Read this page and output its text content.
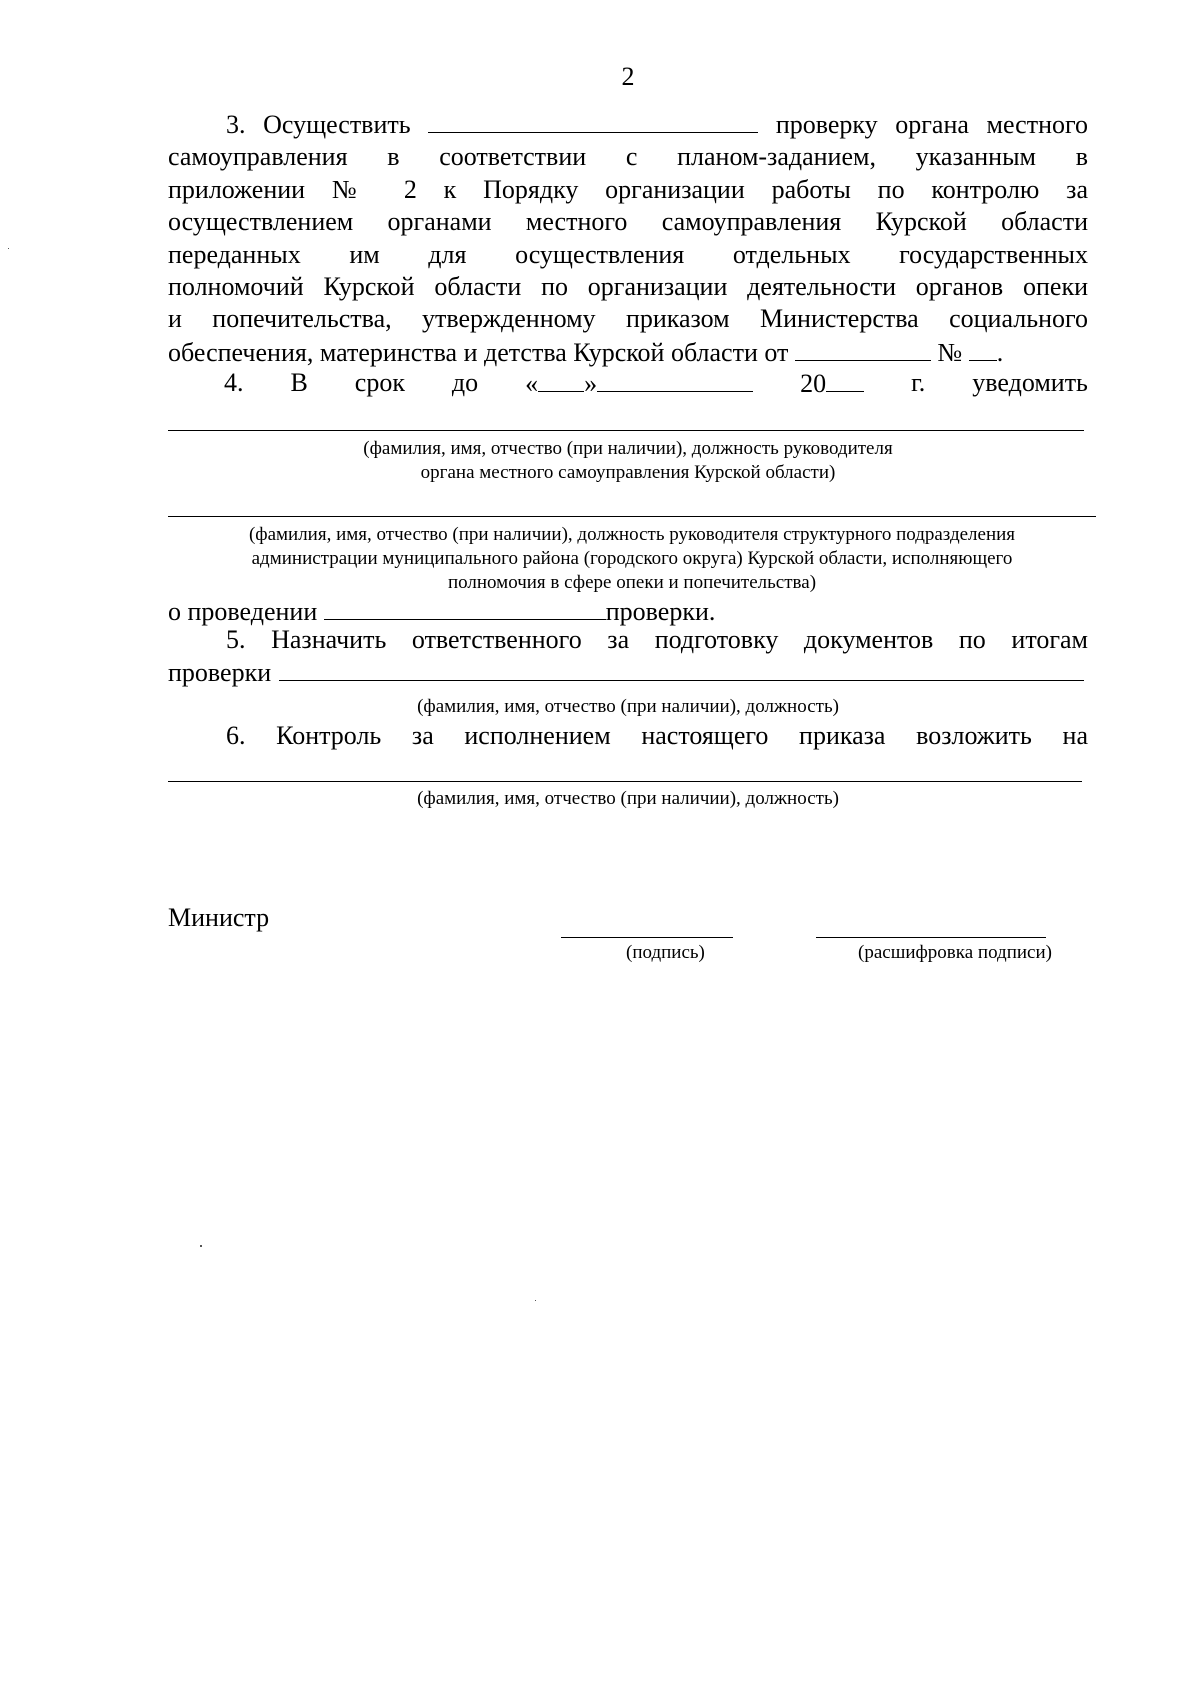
2

3. Осуществить	проверку органа местного

самоуправления в соответствии с планом-заданием, указанным в

приложении № 2 к Порядку организации работы по контролю за

осуществлением органами местного самоуправления Курской области

переданных им для осуществления отдельных государственных

полномочий Курской области по организации деятельности органов опеки

и попечительства, утвержденному приказом Министерства социального

обеспечения, материнства и детства Курской области от	№ .

4. В срок до « »	20	г. уведомить
(фамилия, имя, отчество (при наличии), должность руководителя
органа местного самоуправления Курской области)
(фамилия, имя, отчество (при наличии), должность руководителя структурного подразделения
администрации муниципального района (городского округа) Курской области, исполняющего
полномочия в сфере опеки и попечительства)
о проведении	проверки.
5. Назначить ответственного за подготовку документов по итогам
проверки
(фамилия, имя, отчество (при наличии), должность)
6. Контроль за исполнением настоящего приказа возложить на
(фамилия, имя, отчество (при наличии), должность)
Министр
(подпись)	(расшифровка подписи)
